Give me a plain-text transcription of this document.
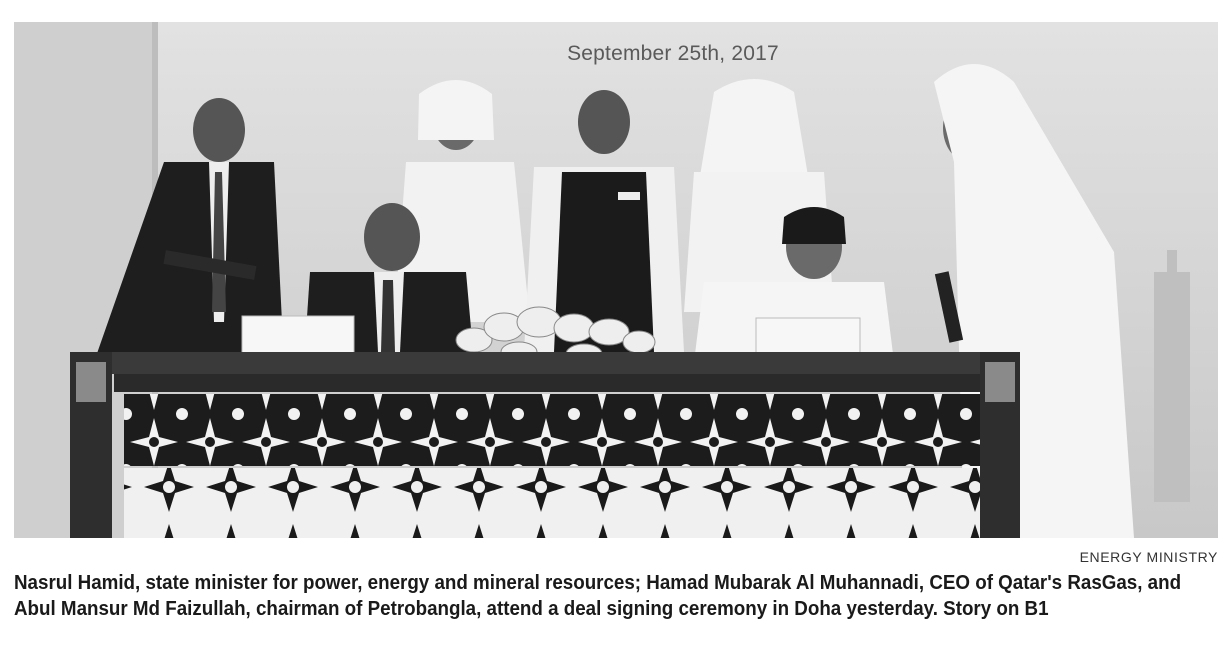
September 25th, 2017
ENERGY MINISTRY
Nasrul Hamid, state minister for power, energy and mineral resources; Hamad Mubarak Al Muhannadi, CEO of Qatar's RasGas, and Abul Mansur Md Faizullah, chairman of Petrobangla, attend a deal signing ceremony in Doha yesterday. Story on B1
